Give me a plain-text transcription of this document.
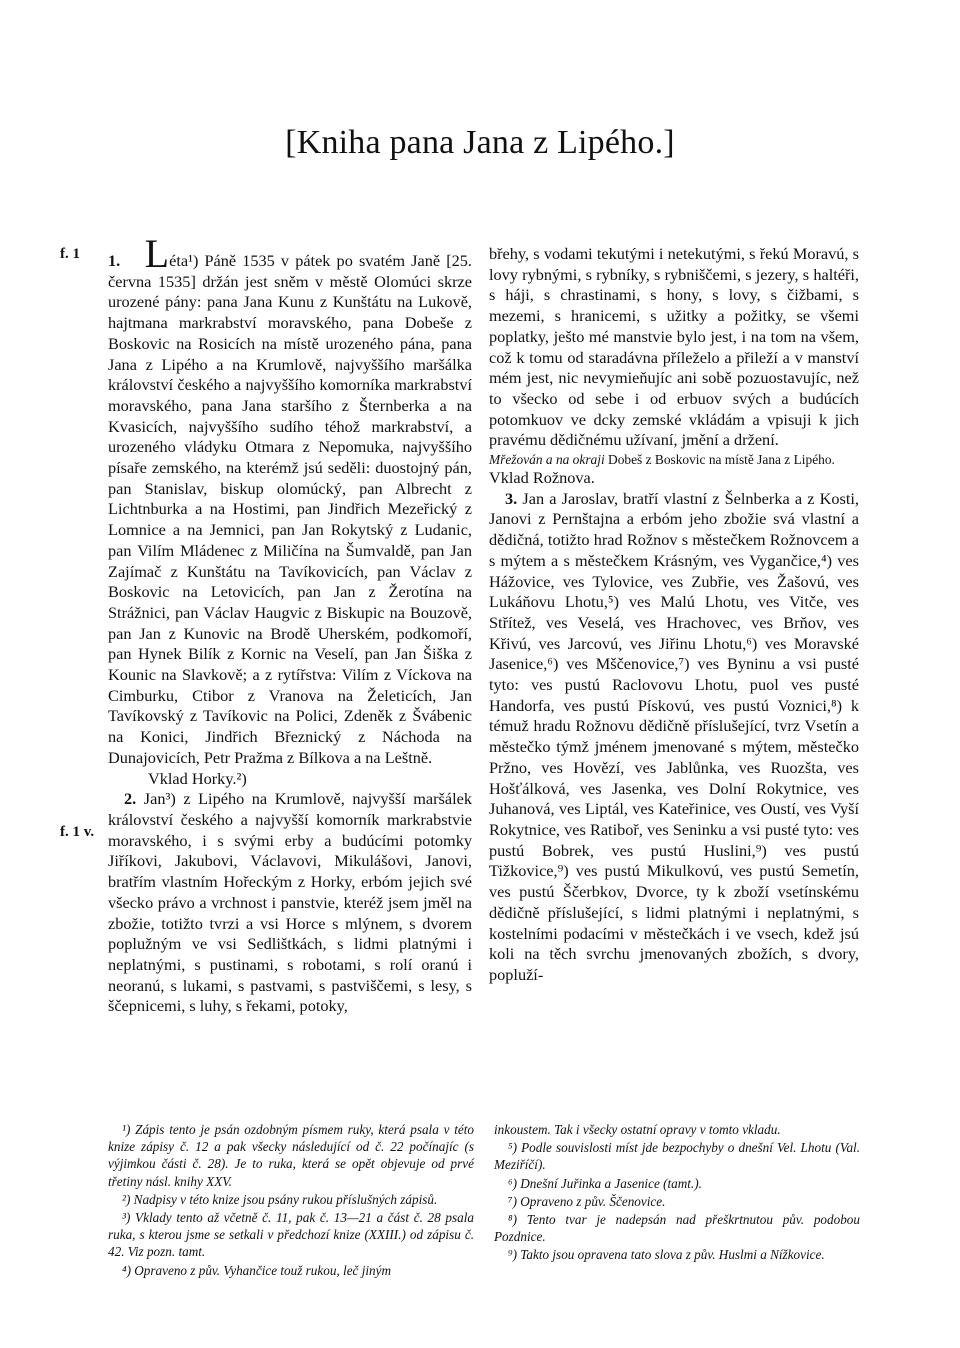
[Kniha pana Jana z Lipého.]
f. 1
f. 1 v.

1. Léta¹) Páně 1535 v pátek po svatém Janě [25. června 1535] držán jest sněm v městě Olomúci skrze urozené pány: pana Jana Kunu z Kunštátu na Lukově, hajtmana markrabství moravského, pana Dobeše z Boskovic na Rosicích na místě urozeného pána, pana Jana z Lipého a na Krumlově, najvyššího maršálka království českého a najvyššího komorníka markrabství moravského, pana Jana staršího z Šternberka a na Kvasicích, najvyššího sudího téhož markrabství, a urozeného vládyku Otmara z Nepomuka, najvyššího písaře zemského, na kterémž jsú seděli: duostojný pán, pan Stanislav, biskup olomúcký, pan Albrecht z Lichtnburka a na Hostimi, pan Jindřich Mezeřický z Lomnice a na Jemnici, pan Jan Rokytský z Ludanic, pan Vilím Mládenec z Miličína na Šumvaldě, pan Jan Zajímač z Kunštátu na Tavíkovicích, pan Václav z Boskovic na Letovicích, pan Jan z Žerotína na Strážnici, pan Václav Haugvic z Biskupic na Bouzově, pan Jan z Kunovic na Brodě Uherském, podkomoří, pan Hynek Bilík z Kornic na Veselí, pan Jan Šiška z Kounic na Slavkově; a z rytířstva: Vilím z Víckova na Cimburku, Ctibor z Vranova na Želeticích, Jan Tavíkovský z Tavíkovic na Polici, Zdeněk z Švábenic na Konici, Jindřich Březnický z Náchoda na Dunajovicích, Petr Pražma z Bílkova a na Leštně.

Vklad Horky.²)

2. Jan³) z Lipého na Krumlově, najvyšší maršálek království českého a najvyšší komorník markrabstvie moravského, i s svými erby a budúcími potomky Jiříkovi, Jakubovi, Václavovi, Mikulášovi, Janovi, bratřím vlastním Hořeckým z Horky, erbóm jejich své všecko právo a vrchnost i panstvie, kteréž jsem jměl na zbožie, totižto tvrzi a vsi Horce s mlýnem, s dvorem poplužným ve vsi Sedlištkách, s lidmi platnými i neplatnými, s pustinami, s robotami, s rolí oranú i neoranú, s lukami, s pastvami, s pastviščemi, s lesy, s ščepnicemi, s luhy, s řekami, potoky,

břehy, s vodami tekutými i netekutými, s řekú Moravú, s lovy rybnými, s rybníky, s rybniščemi, s jezery, s haltéři, s háji, s chrastinami, s hony, s lovy, s čižbami, s mezemi, s hranicemi, s užitky a požitky, se všemi poplatky, ješto mé manstvie bylo jest, i na tom na všem, což k tomu od staradávna příleželo a přileží a v manství mém jest, nic nevymieňujíc ani sobě pozuostavujíc, než to všecko od sebe i od erbuov svých a budúcích potomkuov ve dcky zemské vkládám a vpisuji k jich pravému dědičnému užívaní, jmění a držení.

Mřežován a na okraji Dobeš z Boskovic na místě Jana z Lipého.

Vklad Rožnova.

3. Jan a Jaroslav, bratří vlastní z Šelnberka a z Kosti, Janovi z Pernštajna a erbóm jeho zbožie svá vlastní a dědičná, totižto hrad Rožnov s městečkem Rožnovcem a s mýtem a s městečkem Krásným, ves Vygančice,⁴) ves Hážovice, ves Tylovice, ves Zubřie, ves Žašovú, ves Lukáňovu Lhotu,⁵) ves Malú Lhotu, ves Vitče, ves Střítež, ves Veselá, ves Hrachovec, ves Brňov, ves Křivú, ves Jarcovú, ves Jiřinu Lhotu,⁶) ves Moravské Jasenice,⁶) ves Mščenovice,⁷) ves Byninu a vsi pusté tyto: ves pustú Raclovovu Lhotu, puol ves pusté Handorfa, ves pustú Pískovú, ves pustú Voznici,⁸) k témuž hradu Rožnovu dědičně příslušející, tvrz Vsetín a městečko týmž jménem jmenované s mýtem, městečko Pržno, ves Hovězí, ves Jablůnka, ves Ruozšta, ves Hošťálková, ves Jasenka, ves Dolní Rokytnice, ves Juhanová, ves Liptál, ves Kateřinice, ves Oustí, ves Vyší Rokytnice, ves Ratiboř, ves Seninku a vsi pusté tyto: ves pustú Bobrek, ves pustú Huslini,⁹) ves pustú Tižkovice,⁹) ves pustú Mikulkovú, ves pustú Semetín, ves pustú Ščerbkov, Dvorce, ty k zboží vsetínskému dědičně příslušející, s lidmi platnými i neplatnými, s kostelními podacími v městečkách i ve vsech, kdež jsú koli na těch svrchu jmenovaných zbožích, s dvory, popluží-

¹) Zápis tento je psán ozdobným písmem ruky, která psala v této knize zápisy č. 12 a pak všecky následující od č. 22 počínajíc (s výjimkou části č. 28). Je to ruka, která se opět objevuje od prvé třetiny násl. knihy XXV.

²) Nadpisy v této knize jsou psány rukou příslušných zápisů.

³) Vklady tento až včetně č. 11, pak č. 13—21 a část č. 28 psala ruka, s kterou jsme se setkali v předchozí knize (XXIII.) od zápisu č. 42. Viz pozn. tamt.

⁴) Opraveno z pův. Vyhančice touž rukou, leč jiným

inkoustem. Tak i všecky ostatní opravy v tomto vkladu.

⁵) Podle souvislosti míst jde bezpochyby o dnešní Vel. Lhotu (Val. Meziříčí).

⁶) Dnešní Juřinka a Jasenice (tamt.).

⁷) Opraveno z pův. Ščenovice.

⁸) Tento tvar je nadepsán nad přeškrtnutou pův. podobou Pozdnice.

⁹) Takto jsou opravena tato slova z pův. Huslmi a Nížkovice.
